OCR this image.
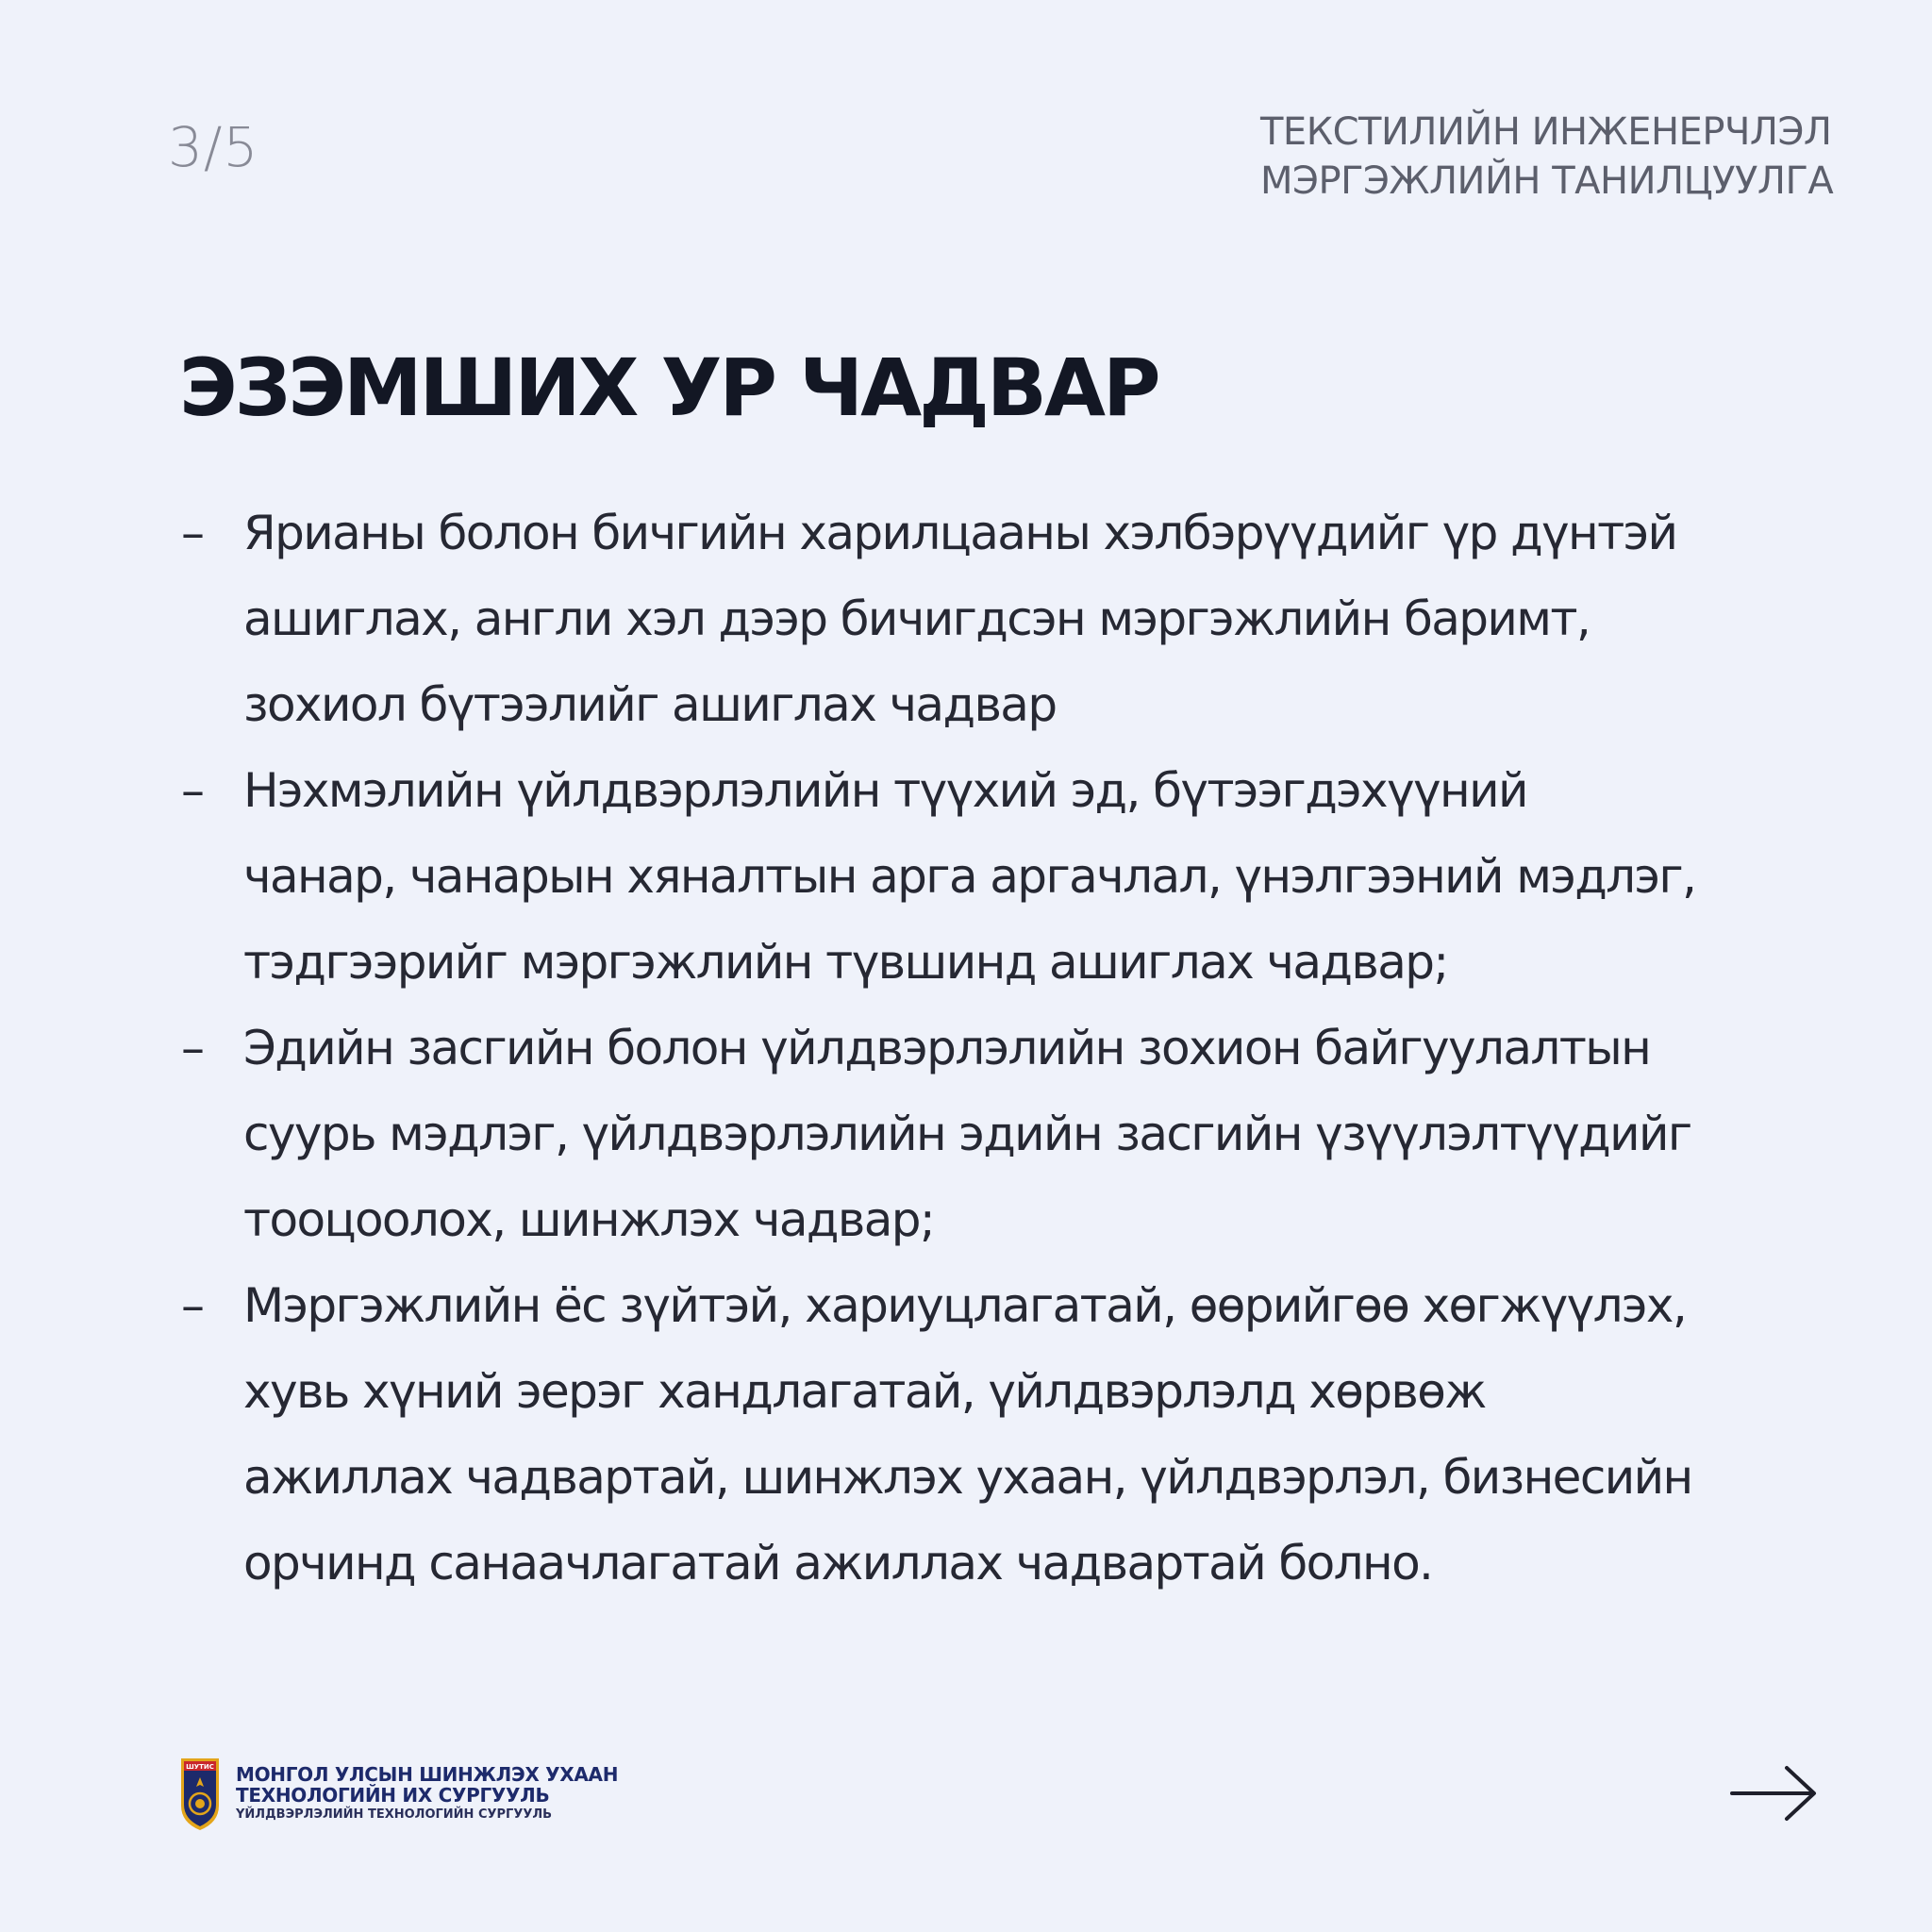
3/5	ТЕКСТИЛИЙН ИНЖЕНЕРЧЛЭЛ
МЭРГЭЖЛИЙН ТАНИЛЦУУЛГА
ЭЗЭМШИХ УР ЧАДВАР
– Ярианы болон бичгийн харилцааны хэлбэрүүдийг үр дүнтэй
ашиглах, англи хэл дээр бичигдсэн мэргэжлийн баримт,
зохиол бүтээлийг ашиглах чадвар
– Нэхмэлийн үйлдвэрлэлийн түүхий эд, бүтээгдэхүүний
чанар, чанарын хяналтын арга аргачлал, үнэлгээний мэдлэг,
тэдгээрийг мэргэжлийн түвшинд ашиглах чадвар;
– Эдийн засгийн болон үйлдвэрлэлийн зохион байгуулалтын
суурь мэдлэг, үйлдвэрлэлийн эдийн засгийн үзүүлэлтүүдийг
тооцоолох, шинжлэх чадвар;
– Мэргэжлийн ёс зүйтэй, хариуцлагатай, өөрийгөө хөгжүүлэх,
хувь хүний эерэг хандлагатай, үйлдвэрлэлд хөрвөж
ажиллах чадвартай, шинжлэх ухаан, үйлдвэрлэл, бизнесийн
орчинд санаачлагатай ажиллах чадвартай болно.
ШУТИС МОНГОЛ УЛСЫН ШИНЖЛЭХ УХААН
ТЕХНОЛОГИЙН ИХ СУРГУУЛЬ
ҮЙЛДВЭРЛЭЛИЙН ТЕХНОЛОГИЙН СУРГУУЛЬ
